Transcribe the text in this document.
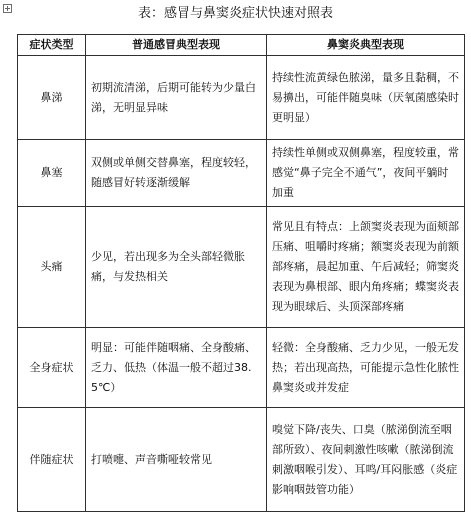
表：感冒与鼻窦炎症状快速对照表
症状类型	普通感冒典型表现	鼻窦炎典型表现
鼻涕	初期流清涕，后期可能转为少量白涕，无明显异味	持续性流黄绿色脓涕，量多且黏稠，不易擤出，可能伴随臭味（厌氧菌感染时更明显）
鼻塞	双侧或单侧交替鼻塞，程度较轻，随感冒好转逐渐缓解	持续性单侧或双侧鼻塞，程度较重，常感觉“鼻子完全不通气”，夜间平躺时加重
头痛	少见，若出现多为全头部轻微胀痛，与发热相关	常见且有特点：上颌窦炎表现为面颊部压痛、咀嚼时疼痛；额窦炎表现为前额部疼痛，晨起加重、午后减轻；筛窦炎表现为鼻根部、眼内角疼痛；蝶窦炎表现为眼球后、头顶深部疼痛
全身症状	明显：可能伴随咽痛、全身酸痛、乏力、低热（体温一般不超过38.5℃）	轻微：全身酸痛、乏力少见，一般无发热；若出现高热，可能提示急性化脓性鼻窦炎或并发症
伴随症状	打喷嚏、声音嘶哑较常见	嗅觉下降/丧失、口臭（脓涕倒流至咽部所致）、夜间刺激性咳嗽（脓涕倒流刺激咽喉引发）、耳鸣/耳闷胀感（炎症影响咽鼓管功能）
